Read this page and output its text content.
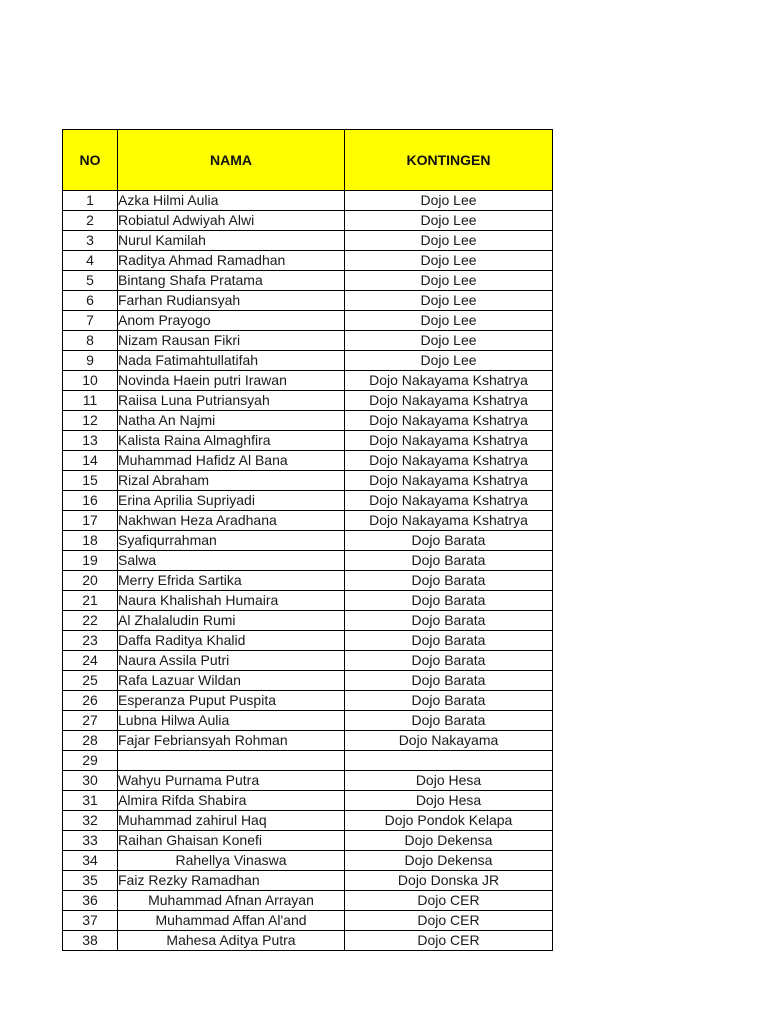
NO	NAMA	KONTINGEN
1	Azka Hilmi Aulia	Dojo Lee
2	Robiatul Adwiyah Alwi	Dojo Lee
3	Nurul Kamilah	Dojo Lee
4	Raditya Ahmad Ramadhan	Dojo Lee
5	Bintang Shafa Pratama	Dojo Lee
6	Farhan Rudiansyah	Dojo Lee
7	Anom Prayogo	Dojo Lee
8	Nizam Rausan Fikri	Dojo Lee
9	Nada Fatimahtullatifah	Dojo Lee
10	Novinda Haein putri Irawan	Dojo Nakayama Kshatrya
11	Raiisa Luna Putriansyah	Dojo Nakayama Kshatrya
12	Natha An Najmi	Dojo Nakayama Kshatrya
13	Kalista Raina Almaghfira	Dojo Nakayama Kshatrya
14	Muhammad Hafidz Al Bana	Dojo Nakayama Kshatrya
15	Rizal Abraham	Dojo Nakayama Kshatrya
16	Erina Aprilia Supriyadi	Dojo Nakayama Kshatrya
17	Nakhwan Heza Aradhana	Dojo Nakayama Kshatrya
18	Syafiqurrahman	Dojo Barata
19	Salwa	Dojo Barata
20	Merry Efrida Sartika	Dojo Barata
21	Naura Khalishah Humaira	Dojo Barata
22	Al Zhalaludin Rumi	Dojo Barata
23	Daffa Raditya Khalid	Dojo Barata
24	Naura Assila Putri	Dojo Barata
25	Rafa Lazuar Wildan	Dojo Barata
26	Esperanza Puput Puspita	Dojo Barata
27	Lubna Hilwa Aulia	Dojo Barata
28	Fajar Febriansyah Rohman	Dojo Nakayama
29		
30	Wahyu Purnama Putra	Dojo Hesa
31	Almira Rifda Shabira	Dojo Hesa
32	Muhammad zahirul Haq	Dojo Pondok Kelapa
33	Raihan Ghaisan Konefi	Dojo Dekensa
34	Rahellya Vinaswa	Dojo Dekensa
35	Faiz Rezky Ramadhan	Dojo Donska JR
36	Muhammad Afnan Arrayan	Dojo CER
37	Muhammad Affan Al'and	Dojo CER
38	Mahesa Aditya Putra	Dojo CER
